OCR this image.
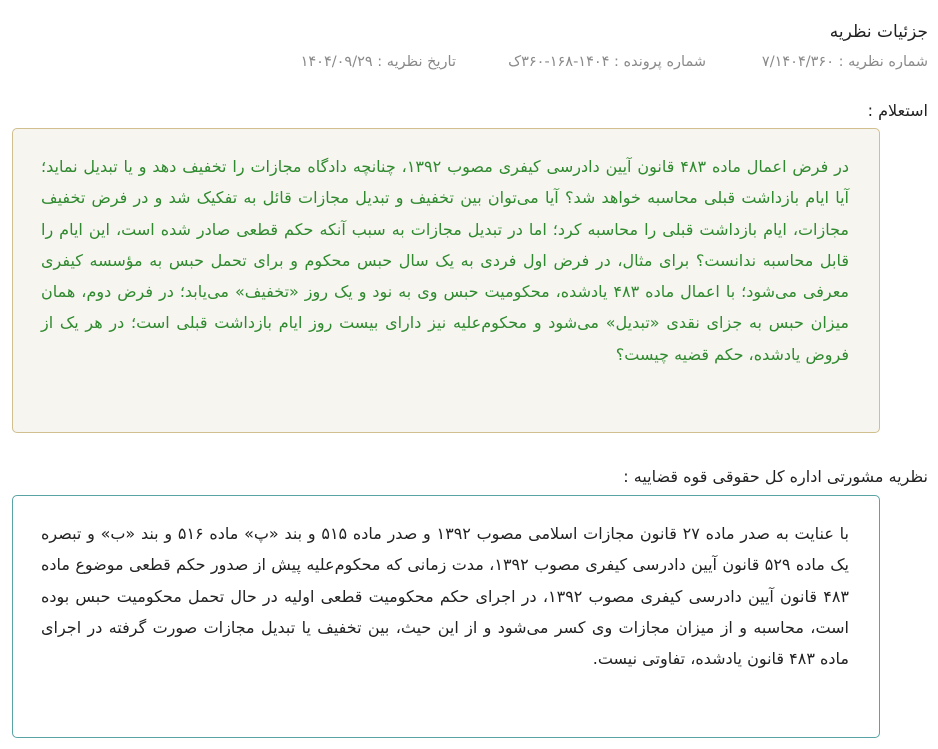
جزئیات نظریه
شماره نظریه : ۷/۱۴۰۴/۳۶۰
شماره پرونده : ۱۴۰۴-۱۶۸-۳۶۰ک
تاریخ نظریه : ۱۴۰۴/۰۹/۲۹
استعلام :

در فرض اعمال ماده ۴۸۳ قانون آیین دادرسی کیفری مصوب ۱۳۹۲، چنانچه دادگاه مجازات را تخفیف دهد و یا تبدیل نماید؛ آیا ایام بازداشت قبلی محاسبه خواهد شد؟ آیا می‌توان بین تخفیف و تبدیل مجازات قائل به تفکیک شد و در فرض تخفیف مجازات، ایام بازداشت قبلی را محاسبه کرد؛ اما در تبدیل مجازات به سبب آنکه حکم قطعی صادر شده است، این ایام را قابل محاسبه ندانست؟ برای مثال، در فرض اول فردی به یک سال حبس محکوم و برای تحمل حبس به مؤسسه کیفری معرفی می‌شود؛ با اعمال ماده ۴۸۳ یادشده، محکومیت حبس وی به نود و یک روز «تخفیف» می‌یابد؛ در فرض دوم، همان میزان حبس به جزای نقدی «تبدیل» می‌شود و محکوم‌علیه نیز دارای بیست روز ایام بازداشت قبلی است؛ در هر یک از فروض یادشده، حکم قضیه چیست؟

نظریه مشورتی اداره کل حقوقی قوه قضاییه :

با عنایت به صدر ماده ۲۷ قانون مجازات اسلامی مصوب ۱۳۹۲ و صدر ماده ۵۱۵ و بند «پ» ماده ۵۱۶ و بند «ب» و تبصره یک ماده ۵۲۹ قانون آیین دادرسی کیفری مصوب ۱۳۹۲، مدت زمانی که محکوم‌علیه پیش از صدور حکم قطعی موضوع ماده ۴۸۳ قانون آیین دادرسی کیفری مصوب ۱۳۹۲، در اجرای حکم محکومیت قطعی اولیه در حال تحمل محکومیت حبس بوده است، محاسبه و از میزان مجازات وی کسر می‌شود و از این حیث، بین تخفیف یا تبدیل مجازات صورت گرفته در اجرای ماده ۴۸۳ قانون یادشده، تفاوتی نیست.
